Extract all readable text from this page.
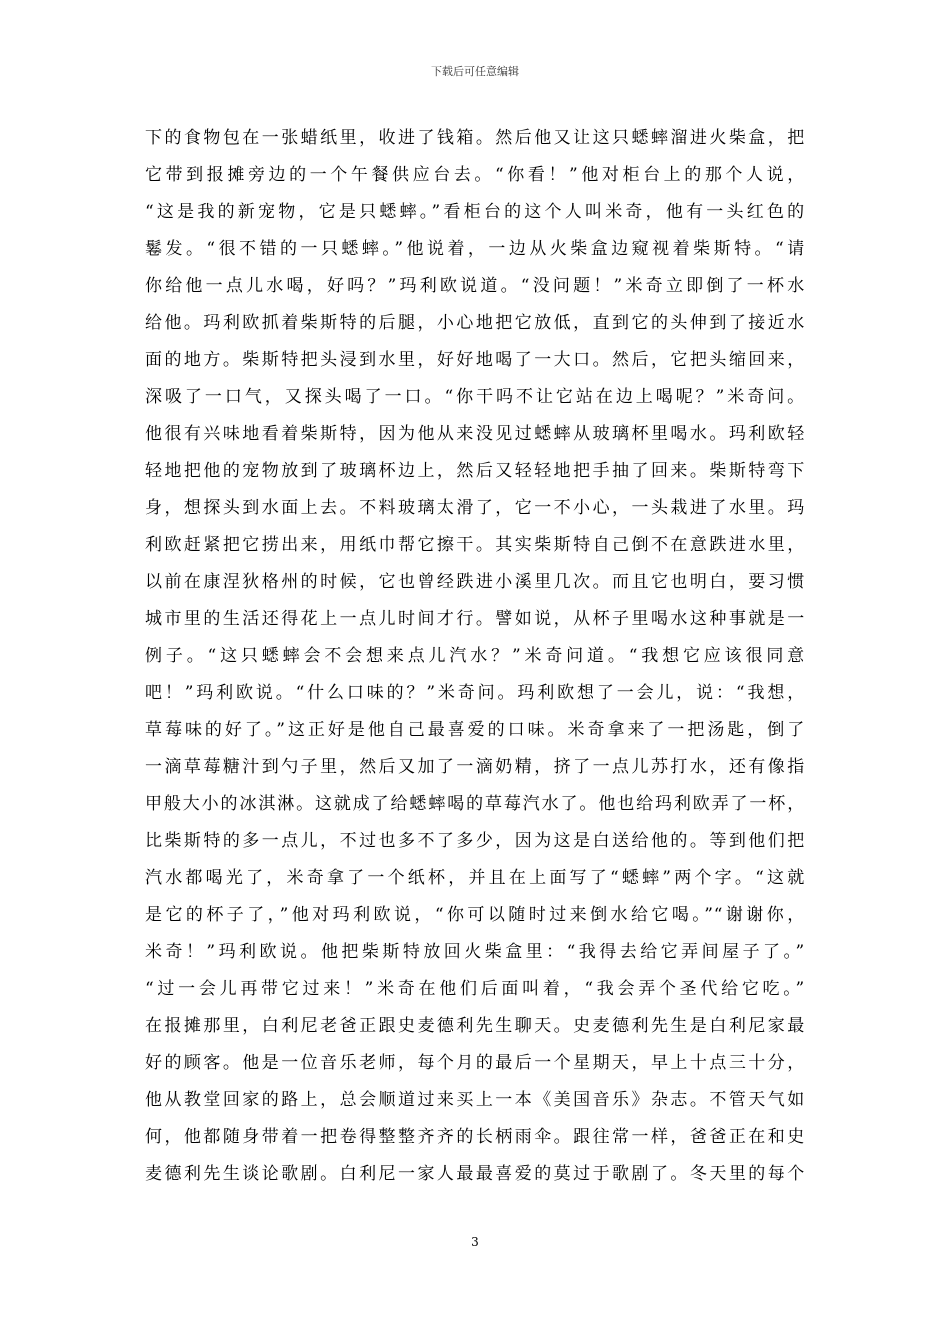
下载后可任意编辑
下的食物包在一张蜡纸里，收进了钱箱。然后他又让这只蟋蟀溜进火柴盒，把
它带到报摊旁边的一个午餐供应台去。“你看！”他对柜台上的那个人说，
“这是我的新宠物，它是只蟋蟀。”看柜台的这个人叫米奇，他有一头红色的
鬈发。“很不错的一只蟋蟀。”他说着，一边从火柴盒边窥视着柴斯特。“请
你给他一点儿水喝，好吗？”玛利欧说道。“没问题！”米奇立即倒了一杯水
给他。玛利欧抓着柴斯特的后腿，小心地把它放低，直到它的头伸到了接近水
面的地方。柴斯特把头浸到水里，好好地喝了一大口。然后，它把头缩回来，
深吸了一口气，又探头喝了一口。“你干吗不让它站在边上喝呢？”米奇问。
他很有兴味地看着柴斯特，因为他从来没见过蟋蟀从玻璃杯里喝水。玛利欧轻
轻地把他的宠物放到了玻璃杯边上，然后又轻轻地把手抽了回来。柴斯特弯下
身，想探头到水面上去。不料玻璃太滑了，它一不小心，一头栽进了水里。玛
利欧赶紧把它捞出来，用纸巾帮它擦干。其实柴斯特自己倒不在意跌进水里，
以前在康涅狄格州的时候，它也曾经跌进小溪里几次。而且它也明白，要习惯
城市里的生活还得花上一点儿时间才行。譬如说，从杯子里喝水这种事就是一
例子。“这只蟋蟀会不会想来点儿汽水？”米奇问道。“我想它应该很同意
吧！”玛利欧说。“什么口味的？”米奇问。玛利欧想了一会儿，说：“我想，
草莓味的好了。”这正好是他自己最喜爱的口味。米奇拿来了一把汤匙，倒了
一滴草莓糖汁到勺子里，然后又加了一滴奶精，挤了一点儿苏打水，还有像指
甲般大小的冰淇淋。这就成了给蟋蟀喝的草莓汽水了。他也给玛利欧弄了一杯，
比柴斯特的多一点儿，不过也多不了多少，因为这是白送给他的。等到他们把
汽水都喝光了，米奇拿了一个纸杯，并且在上面写了“蟋蟀”两个字。“这就
是它的杯子了，”他对玛利欧说，“你可以随时过来倒水给它喝。”“谢谢你，
米奇！”玛利欧说。他把柴斯特放回火柴盒里：“我得去给它弄间屋子了。”
“过一会儿再带它过来！”米奇在他们后面叫着，“我会弄个圣代给它吃。”
在报摊那里，白利尼老爸正跟史麦德利先生聊天。史麦德利先生是白利尼家最
好的顾客。他是一位音乐老师，每个月的最后一个星期天，早上十点三十分，
他从教堂回家的路上，总会顺道过来买上一本《美国音乐》杂志。不管天气如
何，他都随身带着一把卷得整整齐齐的长柄雨伞。跟往常一样，爸爸正在和史
麦德利先生谈论歌剧。白利尼一家人最最喜爱的莫过于歌剧了。冬天里的每个
3
